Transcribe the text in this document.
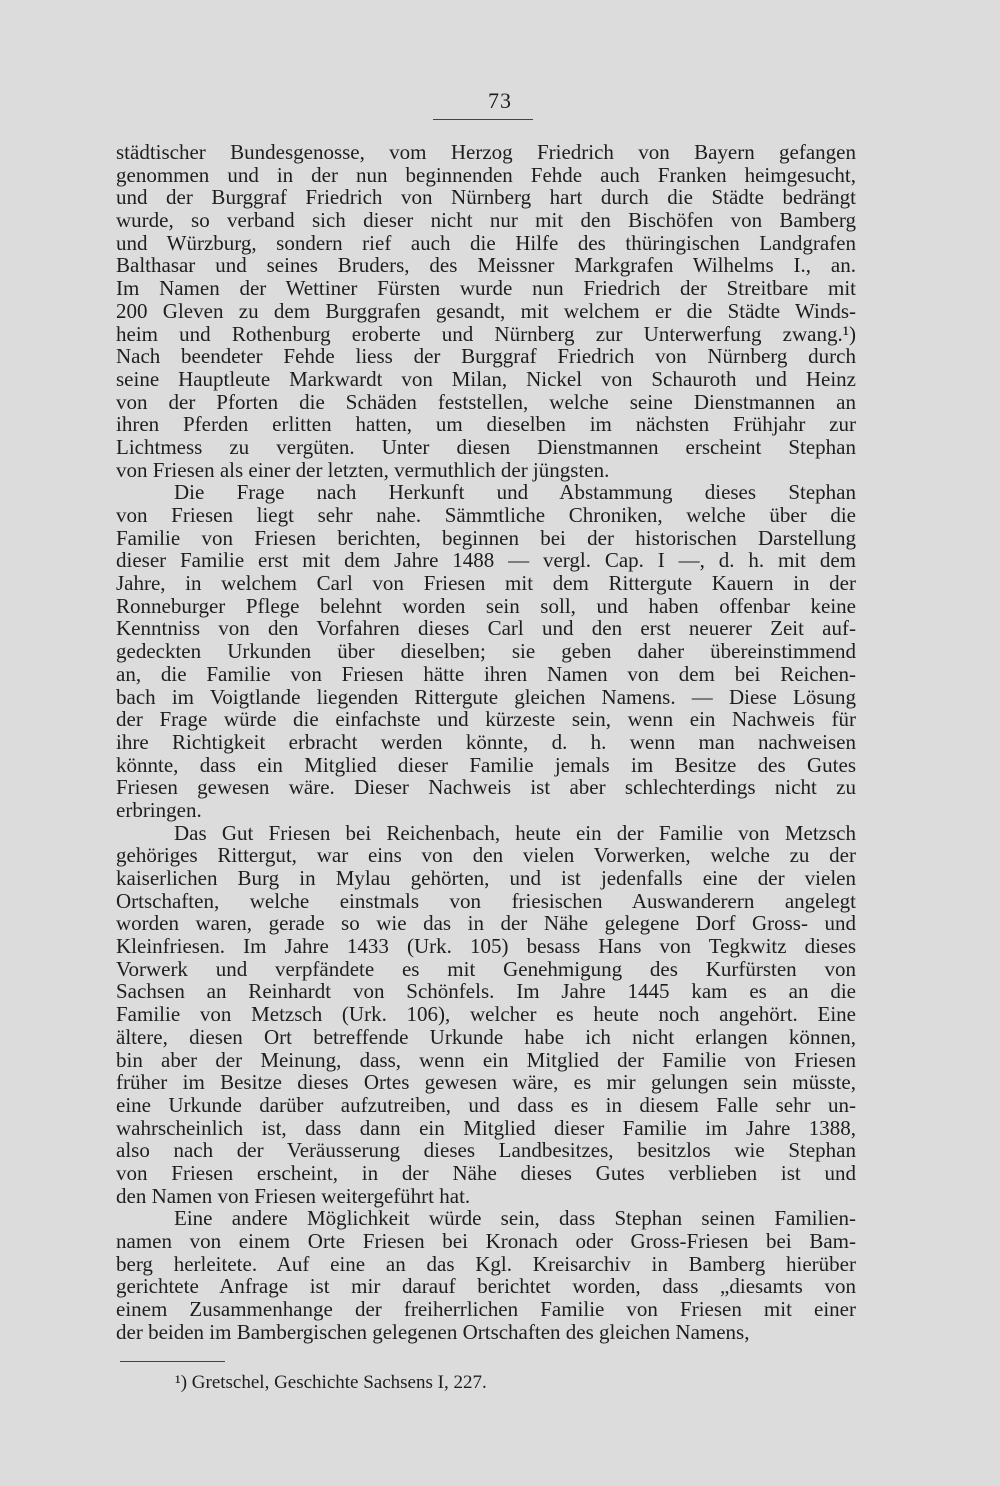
73
städtischer Bundesgenosse, vom Herzog Friedrich von Bayern gefangen
genommen und in der nun beginnenden Fehde auch Franken heimgesucht,
und der Burggraf Friedrich von Nürnberg hart durch die Städte bedrängt
wurde, so verband sich dieser nicht nur mit den Bischöfen von Bamberg
und Würzburg, sondern rief auch die Hilfe des thüringischen Landgrafen
Balthasar und seines Bruders, des Meissner Markgrafen Wilhelms I., an.
Im Namen der Wettiner Fürsten wurde nun Friedrich der Streitbare mit
200 Gleven zu dem Burggrafen gesandt, mit welchem er die Städte Winds-
heim und Rothenburg eroberte und Nürnberg zur Unterwerfung zwang.¹)
Nach beendeter Fehde liess der Burggraf Friedrich von Nürnberg durch
seine Hauptleute Markwardt von Milan, Nickel von Schauroth und Heinz
von der Pforten die Schäden feststellen, welche seine Dienstmannen an
ihren Pferden erlitten hatten, um dieselben im nächsten Frühjahr zur
Lichtmess zu vergüten. Unter diesen Dienstmannen erscheint Stephan
von Friesen als einer der letzten, vermuthlich der jüngsten.
Die Frage nach Herkunft und Abstammung dieses Stephan
von Friesen liegt sehr nahe. Sämmtliche Chroniken, welche über die
Familie von Friesen berichten, beginnen bei der historischen Darstellung
dieser Familie erst mit dem Jahre 1488 — vergl. Cap. I —, d. h. mit dem
Jahre, in welchem Carl von Friesen mit dem Rittergute Kauern in der
Ronneburger Pflege belehnt worden sein soll, und haben offenbar keine
Kenntniss von den Vorfahren dieses Carl und den erst neuerer Zeit auf-
gedeckten Urkunden über dieselben; sie geben daher übereinstimmend
an, die Familie von Friesen hätte ihren Namen von dem bei Reichen-
bach im Voigtlande liegenden Rittergute gleichen Namens. — Diese Lösung
der Frage würde die einfachste und kürzeste sein, wenn ein Nachweis für
ihre Richtigkeit erbracht werden könnte, d. h. wenn man nachweisen
könnte, dass ein Mitglied dieser Familie jemals im Besitze des Gutes
Friesen gewesen wäre. Dieser Nachweis ist aber schlechterdings nicht zu
erbringen.
Das Gut Friesen bei Reichenbach, heute ein der Familie von Metzsch
gehöriges Rittergut, war eins von den vielen Vorwerken, welche zu der
kaiserlichen Burg in Mylau gehörten, und ist jedenfalls eine der vielen
Ortschaften, welche einstmals von friesischen Auswanderern angelegt
worden waren, gerade so wie das in der Nähe gelegene Dorf Gross- und
Kleinfriesen. Im Jahre 1433 (Urk. 105) besass Hans von Tegkwitz dieses
Vorwerk und verpfändete es mit Genehmigung des Kurfürsten von
Sachsen an Reinhardt von Schönfels. Im Jahre 1445 kam es an die
Familie von Metzsch (Urk. 106), welcher es heute noch angehört. Eine
ältere, diesen Ort betreffende Urkunde habe ich nicht erlangen können,
bin aber der Meinung, dass, wenn ein Mitglied der Familie von Friesen
früher im Besitze dieses Ortes gewesen wäre, es mir gelungen sein müsste,
eine Urkunde darüber aufzutreiben, und dass es in diesem Falle sehr un-
wahrscheinlich ist, dass dann ein Mitglied dieser Familie im Jahre 1388,
also nach der Veräusserung dieses Landbesitzes, besitzlos wie Stephan
von Friesen erscheint, in der Nähe dieses Gutes verblieben ist und
den Namen von Friesen weitergeführt hat.
Eine andere Möglichkeit würde sein, dass Stephan seinen Familien-
namen von einem Orte Friesen bei Kronach oder Gross-Friesen bei Bam-
berg herleitete. Auf eine an das Kgl. Kreisarchiv in Bamberg hierüber
gerichtete Anfrage ist mir darauf berichtet worden, dass „diesamts von
einem Zusammenhange der freiherrlichen Familie von Friesen mit einer
der beiden im Bambergischen gelegenen Ortschaften des gleichen Namens,
¹) Gretschel, Geschichte Sachsens I, 227.
